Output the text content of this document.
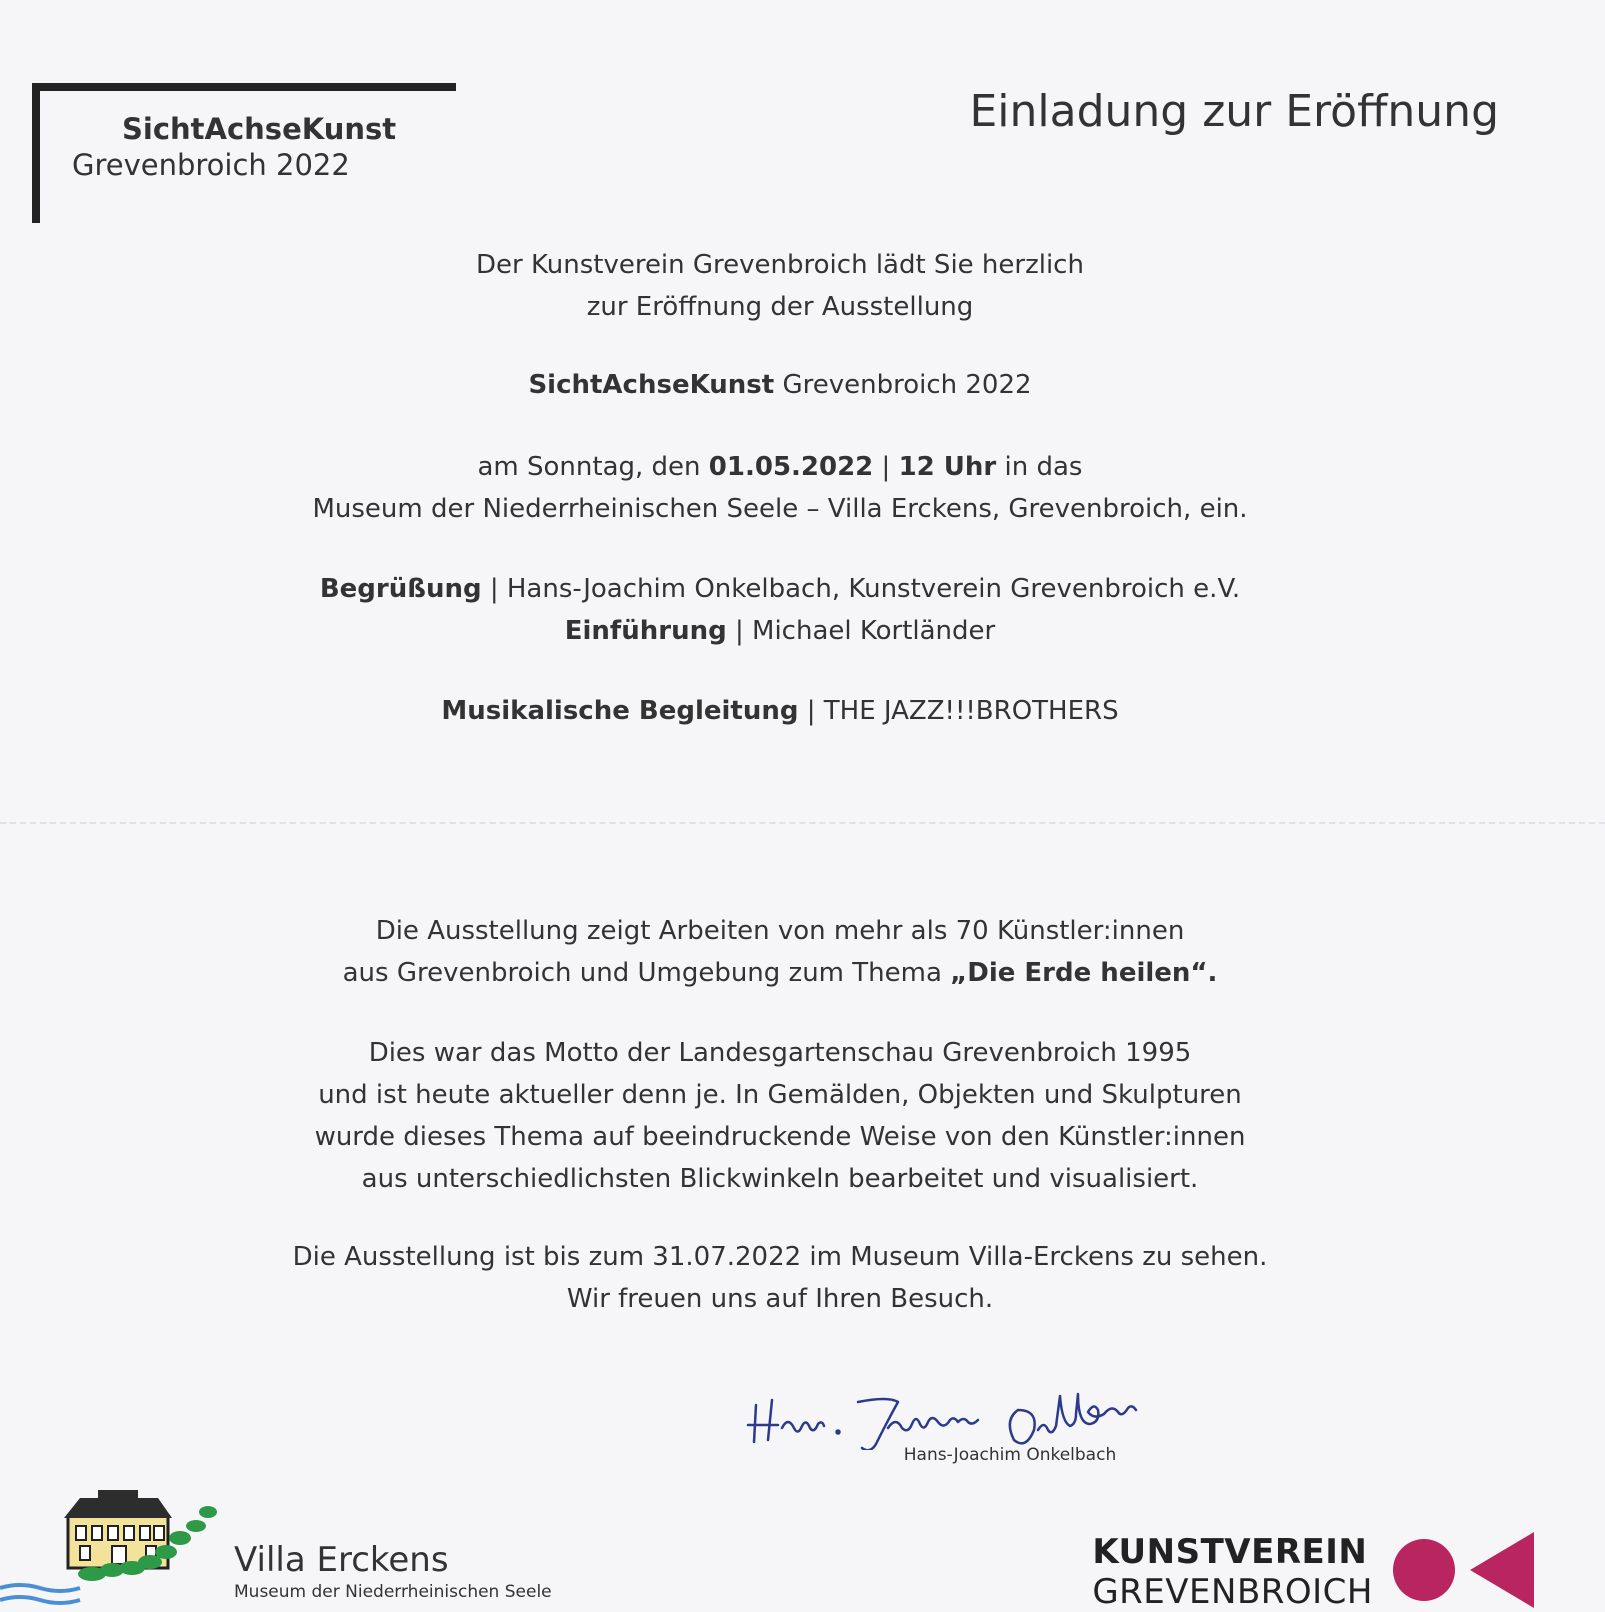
SichtAchseKunst
Grevenbroich 2022
Einladung zur Eröffnung

Der Kunstverein Grevenbroich lädt Sie herzlich

zur Eröffnung der Ausstellung

SichtAchseKunst Grevenbroich 2022

am Sonntag, den 01.05.2022 | 12 Uhr in das

Museum der Niederrheinischen Seele – Villa Erckens, Grevenbroich, ein.

Begrüßung | Hans-Joachim Onkelbach, Kunstverein Grevenbroich e.V.

Einführung | Michael Kortländer

Musikalische Begleitung | THE JAZZ!!!BROTHERS

Die Ausstellung zeigt Arbeiten von mehr als 70 Künstler:innen

aus Grevenbroich und Umgebung zum Thema „Die Erde heilen“.

Dies war das Motto der Landesgartenschau Grevenbroich 1995

und ist heute aktueller denn je. In Gemälden, Objekten und Skulpturen

wurde dieses Thema auf beeindruckende Weise von den Künstler:innen

aus unterschiedlichsten Blickwinkeln bearbeitet und visualisiert.

Die Ausstellung ist bis zum 31.07.2022 im Museum Villa-Erckens zu sehen.

Wir freuen uns auf Ihren Besuch.

Hans-Joachim Onkelbach
Villa Erckens
Museum der Niederrheinischen Seele
KUNSTVEREIN
GREVENBROICH
